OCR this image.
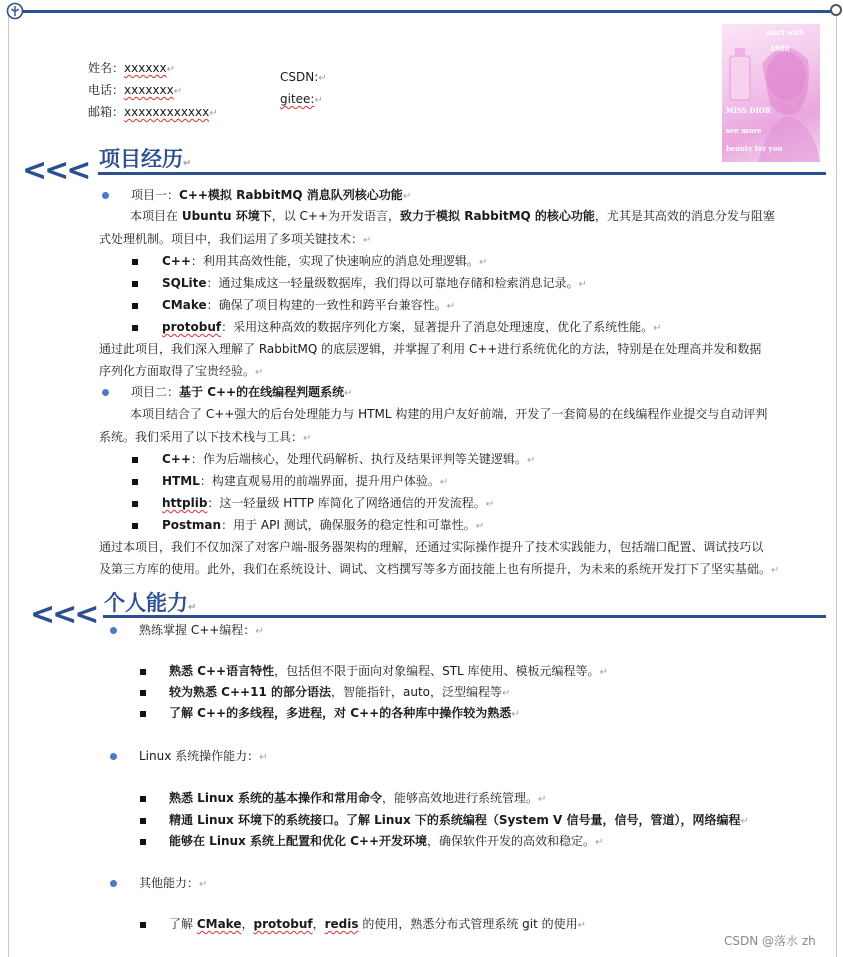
姓名：xxxxxx↵
电话：xxxxxxx↵
邮箱：xxxxxxxxxxxx↵
CSDN:↵
gitee:↵
start with
1980
MISS DIOR
see more
beauty for you
<<< 项目经历↵
项目一：C++模拟 RabbitMQ 消息队列核心功能↵
本项目在 Ubuntu 环境下，以 C++为开发语言，致力于模拟 RabbitMQ 的核心功能，尤其是其高效的消息分发与阻塞
式处理机制。项目中，我们运用了多项关键技术：↵
C++：利用其高效性能，实现了快速响应的消息处理逻辑。↵
SQLite：通过集成这一轻量级数据库，我们得以可靠地存储和检索消息记录。↵
CMake：确保了项目构建的一致性和跨平台兼容性。↵
protobuf：采用这种高效的数据序列化方案，显著提升了消息处理速度，优化了系统性能。↵
通过此项目，我们深入理解了 RabbitMQ 的底层逻辑，并掌握了利用 C++进行系统优化的方法，特别是在处理高并发和数据
序列化方面取得了宝贵经验。↵
项目二：基于 C++的在线编程判题系统↵
本项目结合了 C++强大的后台处理能力与 HTML 构建的用户友好前端，开发了一套简易的在线编程作业提交与自动评判
系统。我们采用了以下技术栈与工具：↵
C++：作为后端核心，处理代码解析、执行及结果评判等关键逻辑。↵
HTML：构建直观易用的前端界面，提升用户体验。↵
httplib：这一轻量级 HTTP 库简化了网络通信的开发流程。↵
Postman：用于 API 测试，确保服务的稳定性和可靠性。↵
通过本项目，我们不仅加深了对客户端-服务器架构的理解，还通过实际操作提升了技术实践能力，包括端口配置、调试技巧以
及第三方库的使用。此外，我们在系统设计、调试、文档撰写等多方面技能上也有所提升，为未来的系统开发打下了坚实基础。↵
<<< 个人能力↵
熟练掌握 C++编程：↵
熟悉 C++语言特性，包括但不限于面向对象编程、STL 库使用、模板元编程等。↵
较为熟悉 C++11 的部分语法，智能指针，auto，泛型编程等↵
了解 C++的多线程，多进程，对 C++的各种库中操作较为熟悉↵
Linux 系统操作能力：↵
熟悉 Linux 系统的基本操作和常用命令，能够高效地进行系统管理。↵
精通 Linux 环境下的系统接口。了解 Linux 下的系统编程（System V 信号量，信号，管道），网络编程↵
能够在 Linux 系统上配置和优化 C++开发环境，确保软件开发的高效和稳定。↵
其他能力：↵
了解 CMake，protobuf，redis 的使用，熟悉分布式管理系统 git 的使用↵
CSDN @落水 zh
